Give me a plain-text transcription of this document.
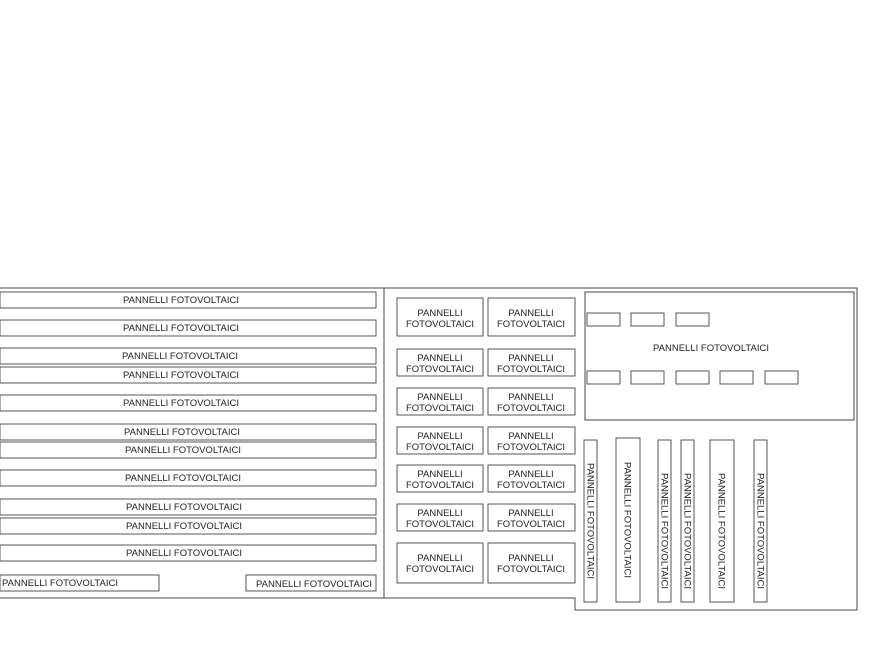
PANNELLI FOTOVOLTAICI
PANNELLI FOTOVOLTAICI
PANNELLI FOTOVOLTAICI
PANNELLI FOTOVOLTAICI
PANNELLI FOTOVOLTAICI
PANNELLI FOTOVOLTAICI
PANNELLI FOTOVOLTAICI
PANNELLI FOTOVOLTAICI
PANNELLI FOTOVOLTAICI
PANNELLI FOTOVOLTAICI
PANNELLI FOTOVOLTAICI
PANNELLI FOTOVOLTAICI	PANNELLI FOTOVOLTAICI
PANNELLI
FOTOVOLTAICI
PANNELLI
FOTOVOLTAICI
PANNELLI
FOTOVOLTAICI
PANNELLI
FOTOVOLTAICI
PANNELLI
FOTOVOLTAICI
PANNELLI
FOTOVOLTAICI
PANNELLI
FOTOVOLTAICI
PANNELLI
FOTOVOLTAICI
PANNELLI
FOTOVOLTAICI
PANNELLI
FOTOVOLTAICI
PANNELLI
FOTOVOLTAICI
PANNELLI
FOTOVOLTAICI
PANNELLI
FOTOVOLTAICI
PANNELLI
FOTOVOLTAICI
PANNELLI FOTOVOLTAICI
PANNELLI FOTOVOLTAICI	PANNELLI FOTOVOLTAICI	PANNELLI FOTOVOLTAICI PANNELLI FOTOVOLTAICI PANNELLI FOTOVOLTAICI	PANNELLI FOTOVOLTAICI
